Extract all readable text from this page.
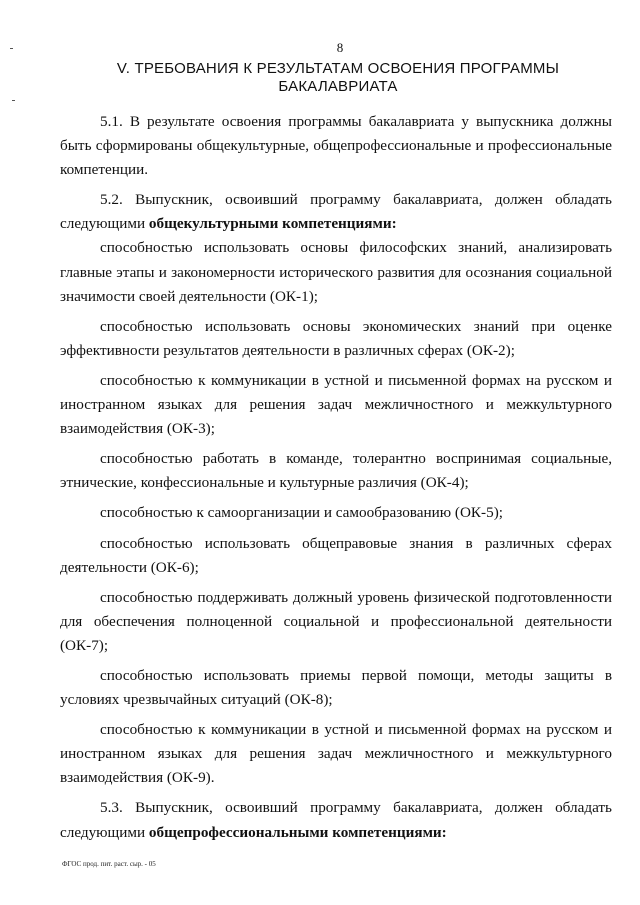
8
V. ТРЕБОВАНИЯ К РЕЗУЛЬТАТАМ ОСВОЕНИЯ ПРОГРАММЫ
БАКАЛАВРИАТА

5.1. В результате освоения программы бакалавриата у выпускника должны быть сформированы общекультурные, общепрофессиональные и профессиональные компетенции.

5.2. Выпускник, освоивший программу бакалавриата, должен обладать следующими общекультурными компетенциями:

способностью использовать основы философских знаний, анализировать главные этапы и закономерности исторического развития для осознания социальной значимости своей деятельности (ОК-1);

способностью использовать основы экономических знаний при оценке эффективности результатов деятельности в различных сферах (ОК-2);

способностью к коммуникации в устной и письменной формах на русском и иностранном языках для решения задач межличностного и межкультурного взаимодействия (ОК-3);

способностью работать в команде, толерантно воспринимая социальные, этнические, конфессиональные и культурные различия (ОК-4);

способностью к самоорганизации и самообразованию (ОК-5);

способностью использовать общеправовые знания в различных сферах деятельности (ОК-6);

способностью поддерживать должный уровень физической подготовленности для обеспечения полноценной социальной и профессиональной деятельности (ОК-7);

способностью использовать приемы первой помощи, методы защиты в условиях чрезвычайных ситуаций (ОК-8);

способностью к коммуникации в устной и письменной формах на русском и иностранном языках для решения задач межличностного и межкультурного взаимодействия (ОК-9).

5.3. Выпускник, освоивший программу бакалавриата, должен обладать следующими общепрофессиональными компетенциями:

ФГОС прод. пит. раст. сыр. - 05
